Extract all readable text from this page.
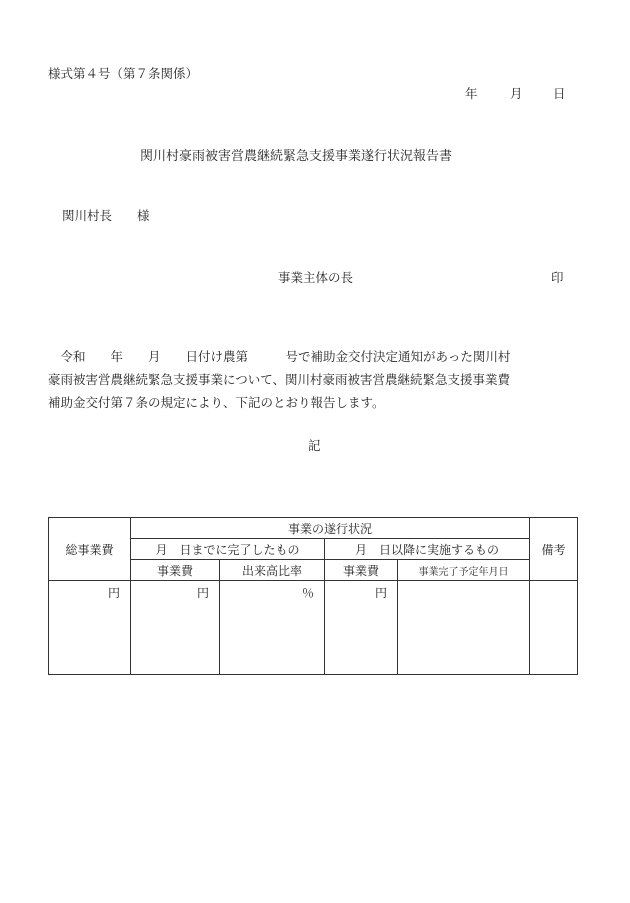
様式第４号（第７条関係）
年	月 日
関川村豪雨被害営農継続緊急支援事業遂行状況報告書
関川村長　　様
事業主体の長	印
　令和　　年　　月　　日付け農第　　　号で補助金交付決定通知があった関川村
豪雨被害営農継続緊急支援事業について、関川村豪雨被害営農継続緊急支援事業費
補助金交付第７条の規定により、下記のとおり報告します。
記
総事業費	事業の遂行状況				備考
	月　日までに完了したもの		月　日以降に実施するもの		
	事業費	出来高比率	事業費	事業完了予定年月日	
円	円	％	円		
